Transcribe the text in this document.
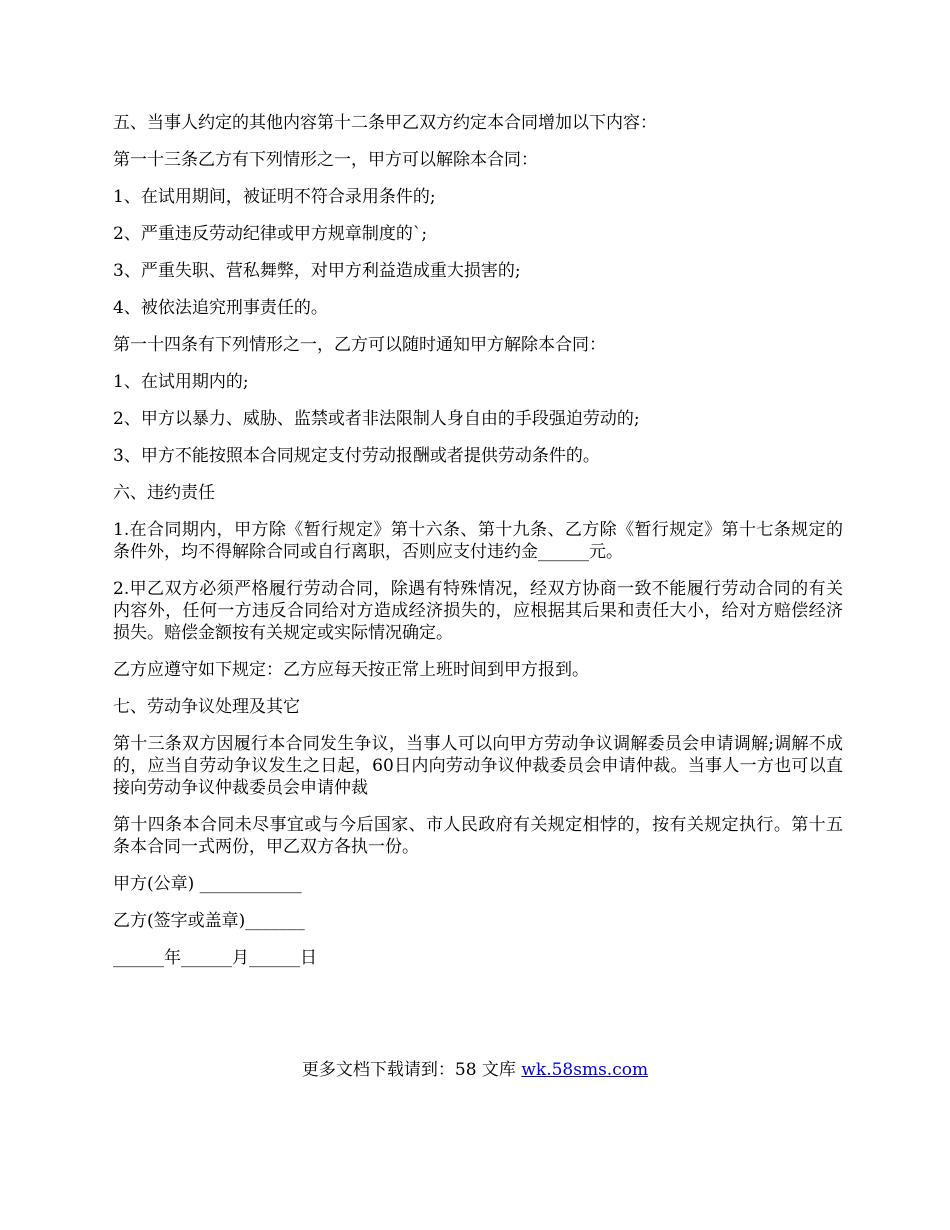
五、当事人约定的其他内容第十二条甲乙双方约定本合同增加以下内容：

第一十三条乙方有下列情形之一，甲方可以解除本合同：

1、在试用期间，被证明不符合录用条件的;

2、严重违反劳动纪律或甲方规章制度的`;

3、严重失职、营私舞弊，对甲方利益造成重大损害的;

4、被依法追究刑事责任的。

第一十四条有下列情形之一，乙方可以随时通知甲方解除本合同：

1、在试用期内的;

2、甲方以暴力、威胁、监禁或者非法限制人身自由的手段强迫劳动的;

3、甲方不能按照本合同规定支付劳动报酬或者提供劳动条件的。

六、违约责任

1.在合同期内，甲方除《暂行规定》第十六条、第十九条、乙方除《暂行规定》第十七条规定的条件外，均不得解除合同或自行离职，否则应支付违约金______元。

2.甲乙双方必须严格履行劳动合同，除遇有特殊情况，经双方协商一致不能履行劳动合同的有关内容外，任何一方违反合同给对方造成经济损失的，应根据其后果和责任大小，给对方赔偿经济损失。赔偿金额按有关规定或实际情况确定。

乙方应遵守如下规定：乙方应每天按正常上班时间到甲方报到。

七、劳动争议处理及其它

第十三条双方因履行本合同发生争议，当事人可以向甲方劳动争议调解委员会申请调解;调解不成的，应当自劳动争议发生之日起，60日内向劳动争议仲裁委员会申请仲裁。当事人一方也可以直接向劳动争议仲裁委员会申请仲裁

第十四条本合同未尽事宜或与今后国家、市人民政府有关规定相悖的，按有关规定执行。第十五条本合同一式两份，甲乙双方各执一份。

甲方(公章) ____________

乙方(签字或盖章)_______

______年______月______日

更多文档下载请到：58 文库 wk.58sms.com
